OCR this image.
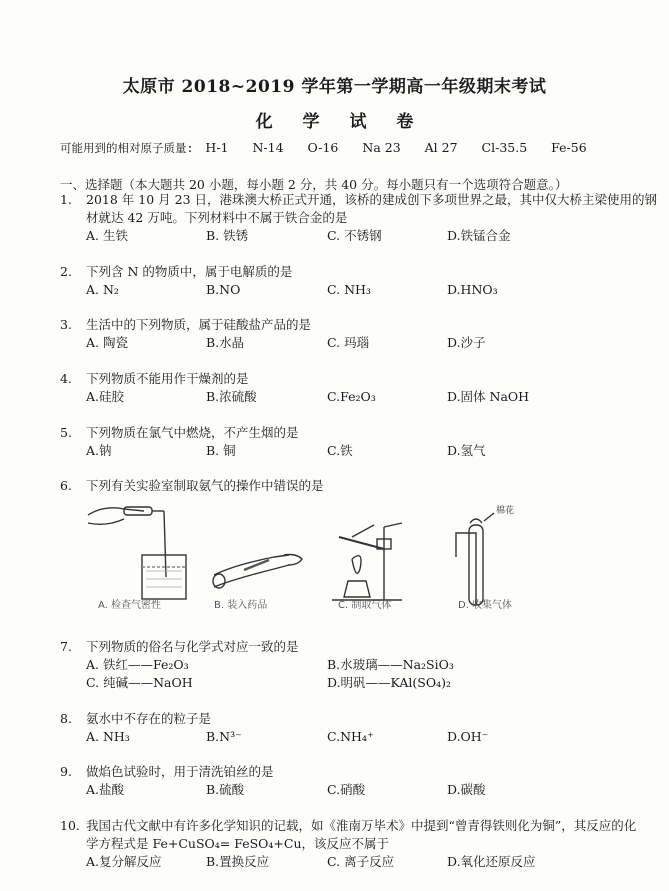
太原市 2018~2019 学年第一学期高一年级期末考试
化 学 试 卷
可能用到的相对原子质量: H-1 N-14 O-16 Na 23 Al 27 Cl-35.5 Fe-56
一、选择题（本大题共 20 小题，每小题 2 分，共 40 分。每小题只有一个选项符合题意。）
1. 2018 年 10 月 23 日，港珠澳大桥正式开通，该桥的建成创下多项世界之最，其中仅大桥主梁使用的钢
材就达 42 万吨。下列材料中不属于铁合金的是
A. 生铁	B. 铁锈	C. 不锈钢	D.铁锰合金
2. 下列含 N 的物质中，属于电解质的是
A. N₂	B.NO	C. NH₃	D.HNO₃
3. 生活中的下列物质，属于硅酸盐产品的是
A. 陶瓷	B.水晶	C. 玛瑙	D.沙子
4. 下列物质不能用作干燥剂的是
A.硅胶	B.浓硫酸	C.Fe₂O₃	D.固体 NaOH
5. 下列物质在氯气中燃烧，不产生烟的是
A.钠	B. 铜	C.铁	D.氢气
6. 下列有关实验室制取氨气的操作中错误的是
棉花
A. 检查气密性	B. 装入药品	C. 制取气体	D. 收集气体
7. 下列物质的俗名与化学式对应一致的是
A. 铁红——Fe₂O₃	B.水玻璃——Na₂SiO₃
C. 纯碱——NaOH	D.明矾——KAl(SO₄)₂
8. 氨水中不存在的粒子是
A. NH₃	B.N³⁻	C.NH₄⁺	D.OH⁻
9. 做焰色试验时，用于清洗铂丝的是
A.盐酸	B.硫酸	C.硝酸	D.碳酸
10. 我国古代文献中有许多化学知识的记载，如《淮南万毕术》中提到“曾青得铁则化为铜”，其反应的化
学方程式是 Fe+CuSO₄= FeSO₄+Cu，该反应不属于
A.复分解反应	B.置换反应	C. 离子反应	D.氧化还原反应
